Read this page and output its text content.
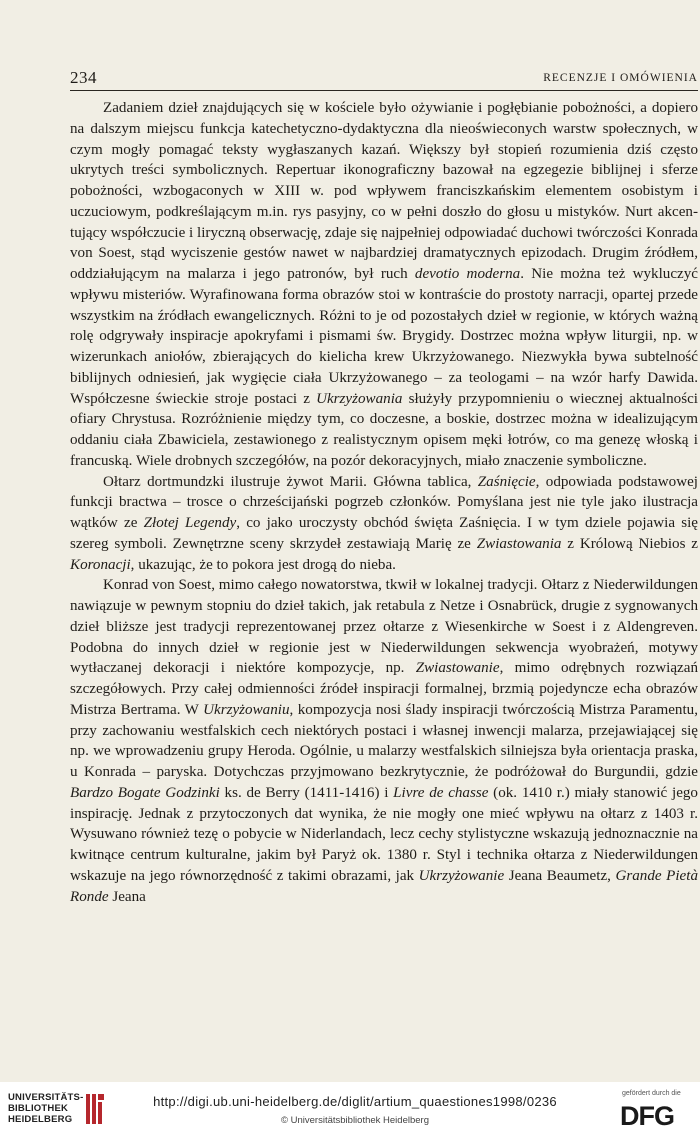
234	RECENZJE I OMÓWIENIA

Zadaniem dzieł znajdujących się w kościele było ożywianie i pogłębianie pobożności, a dopiero na dalszym miejscu funkcja katechetyczno-dydaktyczna dla nieoświeconych warstw społecznych, w czym mogły pomagać teksty wygłaszanych kazań. Większy był stopień rozumienia dziś często ukrytych treści symbolicznych. Repertuar ikonograficzny bazował na egzegezie biblijnej i sferze pobożności, wzbogaconych w XIII w. pod wpływem franciszkańskim elementem osobistym i uczuciowym, podkreślającym m.in. rys pasyjny, co w pełni doszło do głosu u mistyków. Nurt akcentujący współczucie i liryczną obserwację, zdaje się najpełniej odpowiadać duchowi twórczości Konrada von Soest, stąd wyciszenie gestów nawet w najbardziej dramatycznych epizodach. Drugim źródłem, oddziałującym na malarza i jego patronów, był ruch devotio moderna. Nie można też wykluczyć wpływu misteriów. Wyrafinowana forma obrazów stoi w kontraście do prostoty narracji, opartej przede wszystkim na źródłach ewangelicznych. Różni to je od pozostałych dzieł w regionie, w których ważną rolę odgrywały inspiracje apokryfami i pismami św. Brygidy. Dostrzec można wpływ liturgii, np. w wizerunkach aniołów, zbierających do kielicha krew Ukrzyżowanego. Niezwykła bywa subtelność biblijnych odniesień, jak wygięcie ciała Ukrzyżowanego – za teologami – na wzór harfy Dawida. Współczesne świeckie stroje postaci z Ukrzyżowania służyły przypomnieniu o wiecznej aktualności ofiary Chrystusa. Rozróżnienie między tym, co doczesne, a boskie, dostrzec można w idealizującym oddaniu ciała Zbawiciela, zestawionego z realistycznym opisem męki łotrów, co ma genezę włoską i francuską. Wiele drobnych szczegółów, na pozór dekoracyjnych, miało znaczenie symboliczne.

Ołtarz dortmundzki ilustruje żywot Marii. Główna tablica, Zaśnięcie, odpowiada podstawowej funkcji bractwa – trosce o chrześcijański pogrzeb członków. Pomyślana jest nie tyle jako ilustracja wątków ze Złotej Legendy, co jako uroczysty obchód święta Zaśnięcia. I w tym dziele pojawia się szereg symboli. Zewnętrzne sceny skrzydeł zestawiają Marię ze Zwiastowania z Królową Niebios z Koronacji, ukazując, że to pokora jest drogą do nieba.

Konrad von Soest, mimo całego nowatorstwa, tkwił w lokalnej tradycji. Ołtarz z Niederwildungen nawiązuje w pewnym stopniu do dzieł takich, jak retabula z Netze i Osnabrück, drugie z sygnowanych dzieł bliższe jest tradycji reprezentowanej przez ołtarze z Wiesenkirche w Soest i z Aldengreven. Podobna do innych dzieł w regionie jest w Niederwildungen sekwencja wyobrażeń, motywy wytłaczanej dekoracji i niektóre kompozycje, np. Zwiastowanie, mimo odrębnych rozwiązań szczegółowych. Przy całej odmienności źródeł inspiracji formalnej, brzmią pojedyncze echa obrazów Mistrza Bertrama. W Ukrzyżowaniu, kompozycja nosi ślady inspiracji twórczością Mistrza Paramentu, przy zachowaniu westfalskich cech niektórych postaci i własnej inwencji malarza, przejawiającej się np. we wprowadzeniu grupy Heroda. Ogólnie, u malarzy westfalskich silniejsza była orientacja praska, u Konrada – paryska. Dotychczas przyjmowano bezkrytycznie, że podróżował do Burgundii, gdzie Bardzo Bogate Godzinki ks. de Berry (1411-1416) i Livre de chasse (ok. 1410 r.) miały stanowić jego inspirację. Jednak z przytoczonych dat wynika, że nie mogły one mieć wpływu na ołtarz z 1403 r. Wysuwano również tezę o pobycie w Niderlandach, lecz cechy stylistyczne wskazują jednoznacznie na kwitnące centrum kulturalne, jakim był Paryż ok. 1380 r. Styl i technika ołtarza z Niederwildungen wskazuje na jego równorzędność z takimi obrazami, jak Ukrzyżowanie Jeana Beaumetz, Grande Pietà Ronde Jeana

UNIVERSITÄTS-
BIBLIOTHEK
HEIDELBERG
http://digi.ub.uni-heidelberg.de/diglit/artium_quaestiones1998/0236
© Universitätsbibliothek Heidelberg
gefördert durch die
DFG
